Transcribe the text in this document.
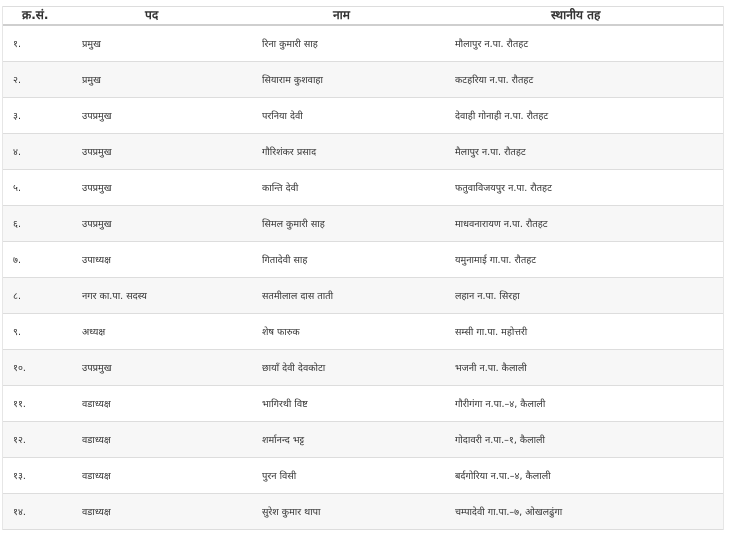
क्र.सं.	पद	नाम	स्थानीय तह
१.	प्रमुख	रिना कुमारी साह	मौलापुर न.पा. रौतहट
२.	प्रमुख	सियाराम कुशवाहा	कटहरिया न.पा. रौतहट
३.	उपप्रमुख	परनिया देवी	देवाही गोनाही न.पा. रौतहट
४.	उपप्रमुख	गौरिशंकर प्रसाद	मैलापुर न.पा. रौतहट
५.	उपप्रमुख	कान्ति देवी	फतुवाविजयपुर न.पा. रौतहट
६.	उपप्रमुख	सिमल कुमारी साह	माधवनारायण न.पा. रौतहट
७.	उपाध्यक्ष	गितादेवी साह	यमुनामाई गा.पा. रौतहट
८.	नगर का.पा. सदस्य	सतमीलाल दास ताती	लहान न.पा. सिरहा
९.	अध्यक्ष	शेष फारुक	सम्सी गा.पा. महोत्तरी
१०.	उपप्रमुख	छायाँ देवी देवकोटा	भजनी न.पा. कैलाली
११.	वडाध्यक्ष	भागिरथी विष्ट	गौरीगंगा न.पा.–४, कैलाली
१२.	वडाध्यक्ष	शर्मानन्द भट्ट	गोदावरी न.पा.–१, कैलाली
१३.	वडाध्यक्ष	पुरन विसी	बर्दगोरिया न.पा.–४, कैलाली
१४.	वडाध्यक्ष	सुरेश कुमार थापा	चम्पादेवी गा.पा.–७, ओखलढुंगा
